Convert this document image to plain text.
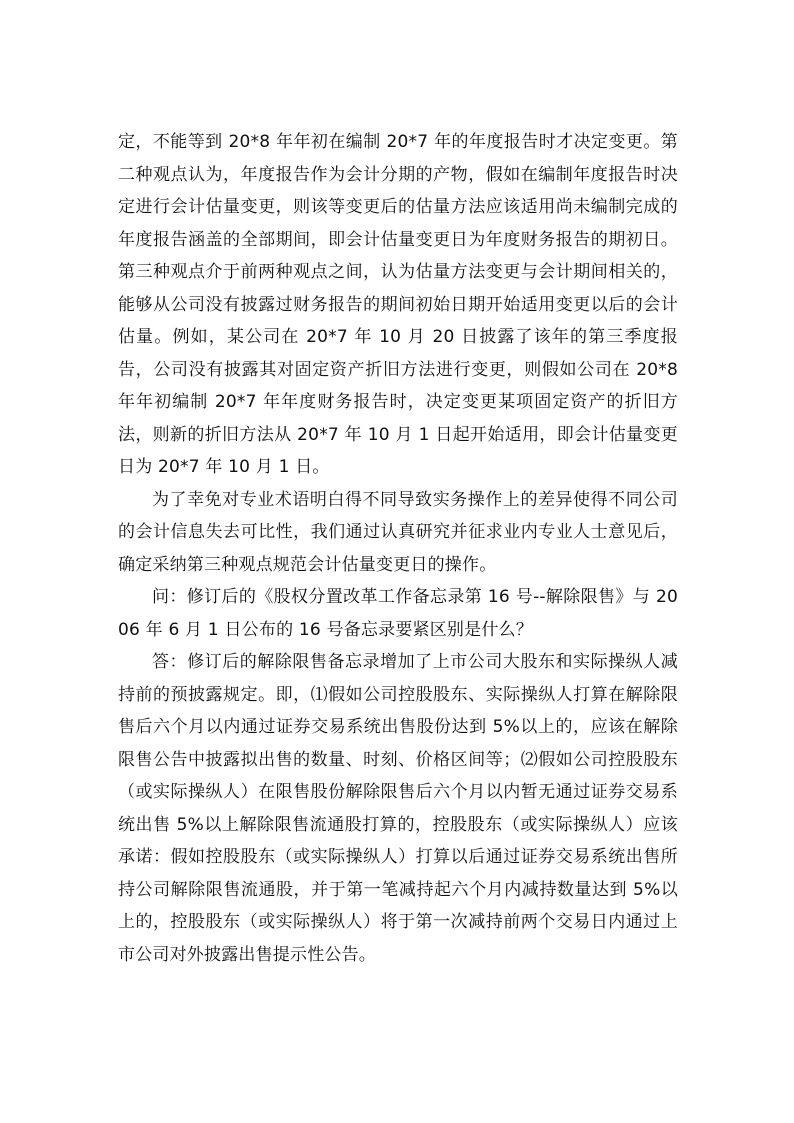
定，不能等到 20*8 年年初在编制 20*7 年的年度报告时才决定变更。第二种观点认为，年度报告作为会计分期的产物，假如在编制年度报告时决定进行会计估量变更，则该等变更后的估量方法应该适用尚未编制完成的年度报告涵盖的全部期间，即会计估量变更日为年度财务报告的期初日。第三种观点介于前两种观点之间，认为估量方法变更与会计期间相关的，能够从公司没有披露过财务报告的期间初始日期开始适用变更以后的会计估量。例如，某公司在 20*7 年 10 月 20 日披露了该年的第三季度报告，公司没有披露其对固定资产折旧方法进行变更，则假如公司在 20*8 年年初编制 20*7 年年度财务报告时，决定变更某项固定资产的折旧方法，则新的折旧方法从 20*7 年 10 月 1 日起开始适用，即会计估量变更日为 20*7 年 10 月 1 日。

为了幸免对专业术语明白得不同导致实务操作上的差异使得不同公司的会计信息失去可比性，我们通过认真研究并征求业内专业人士意见后，确定采纳第三种观点规范会计估量变更日的操作。

问：修订后的《股权分置改革工作备忘录第 16 号--解除限售》与 2006 年 6 月 1 日公布的 16 号备忘录要紧区别是什么？

答：修订后的解除限售备忘录增加了上市公司大股东和实际操纵人减持前的预披露规定。即，⑴假如公司控股股东、实际操纵人打算在解除限售后六个月以内通过证券交易系统出售股份达到 5%以上的，应该在解除限售公告中披露拟出售的数量、时刻、价格区间等；⑵假如公司控股股东（或实际操纵人）在限售股份解除限售后六个月以内暂无通过证券交易系统出售 5%以上解除限售流通股打算的，控股股东（或实际操纵人）应该承诺：假如控股股东（或实际操纵人）打算以后通过证券交易系统出售所持公司解除限售流通股，并于第一笔减持起六个月内减持数量达到 5%以上的，控股股东（或实际操纵人）将于第一次减持前两个交易日内通过上市公司对外披露出售提示性公告。
